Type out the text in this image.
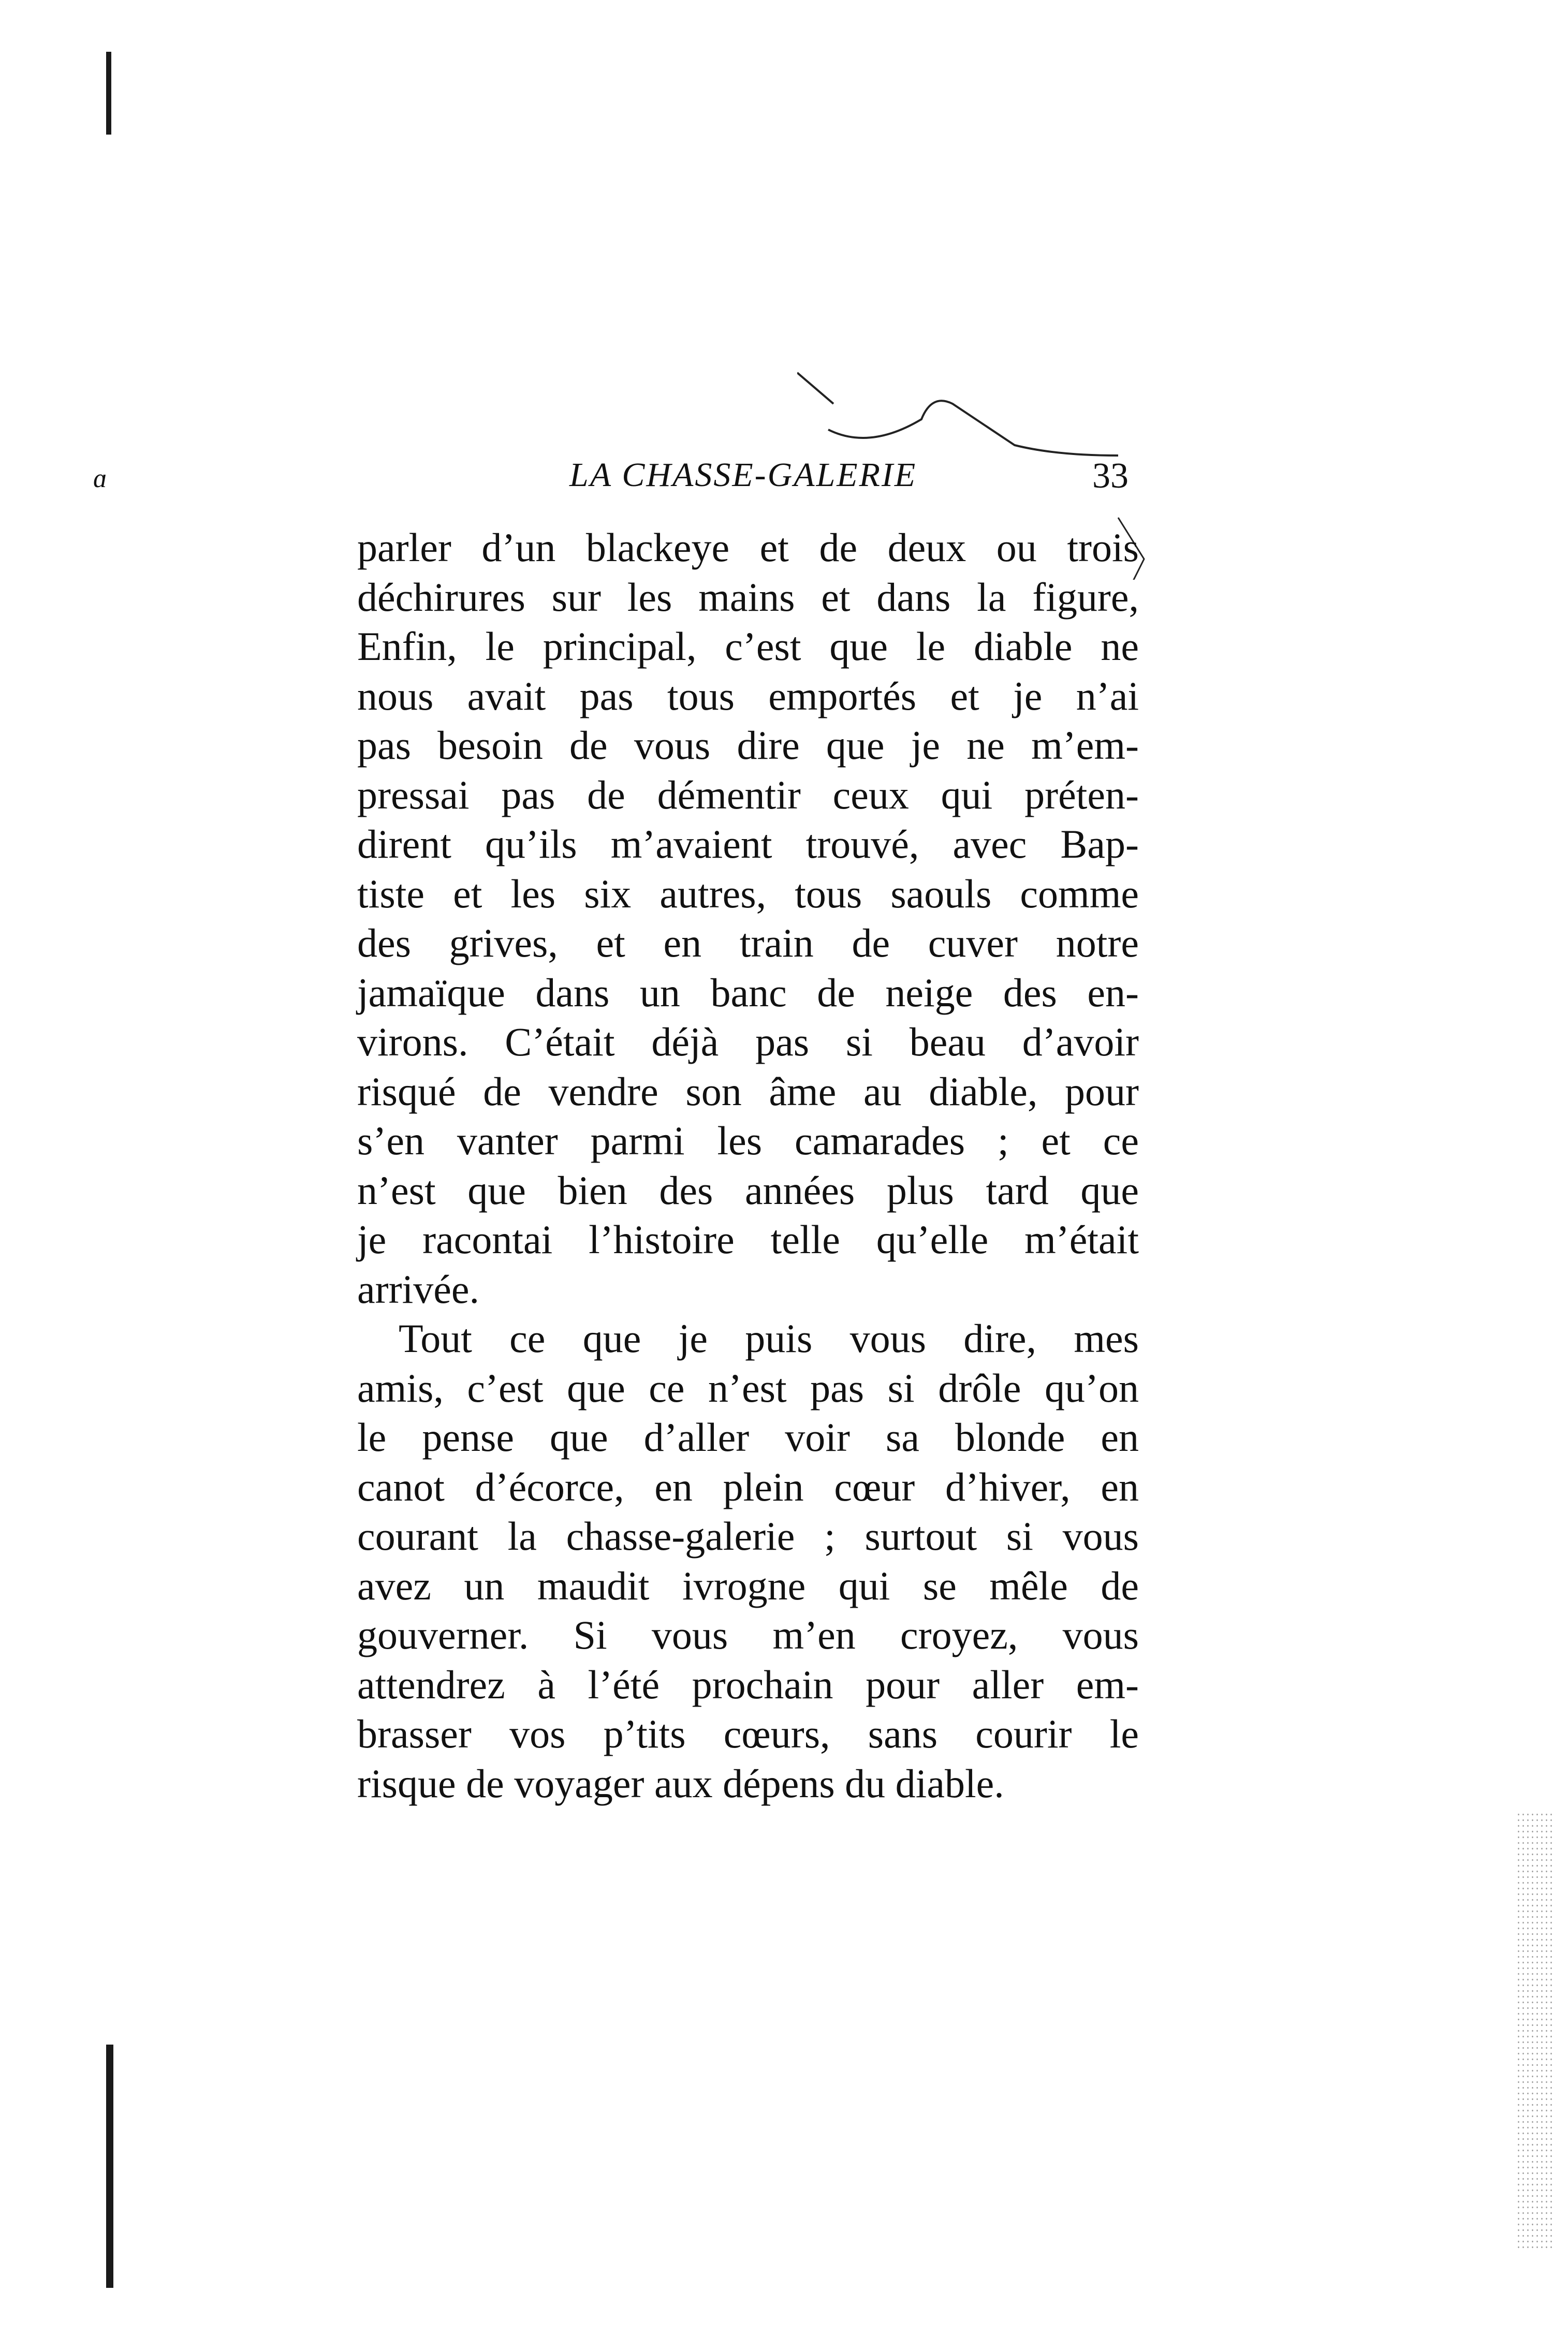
ɑ	LA CHASSE-GALERIE	33
parler d’un blackeye et de deux ou trois
déchirures sur les mains et dans la figure,
Enfin, le principal, c’est que le diable ne
nous avait pas tous emportés et je n’ai
pas besoin de vous dire que je ne m’em-
pressai pas de démentir ceux qui préten-
dirent qu’ils m’avaient trouvé, avec Bap-
tiste et les six autres, tous saouls comme
des grives, et en train de cuver notre
jamaïque dans un banc de neige des en-
virons. C’était déjà pas si beau d’avoir
risqué de vendre son âme au diable, pour
s’en vanter parmi les camarades ; et ce
n’est que bien des années plus tard que
je racontai l’histoire telle qu’elle m’était
arrivée.
Tout ce que je puis vous dire, mes
amis, c’est que ce n’est pas si drôle qu’on
le pense que d’aller voir sa blonde en
canot d’écorce, en plein cœur d’hiver, en
courant la chasse-galerie ; surtout si vous
avez un maudit ivrogne qui se mêle de
gouverner. Si vous m’en croyez, vous
attendrez à l’été prochain pour aller em-
brasser vos p’tits cœurs, sans courir le
risque de voyager aux dépens du diable.
